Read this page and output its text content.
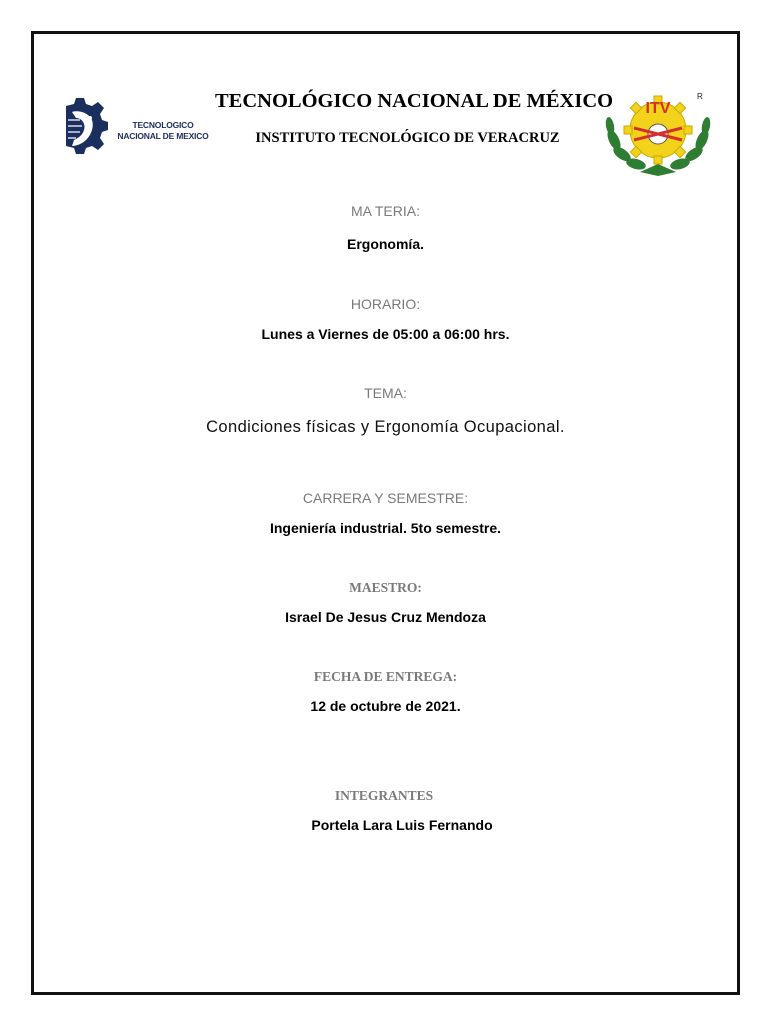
TECNOLOGICO
NACIONAL DE MEXICO
ITV
R
TECNOLÓGICO NACIONAL DE MÉXICO
INSTITUTO TECNOLÓGICO DE VERACRUZ
MA TERIA:
Ergonomía.
HORARIO:
Lunes a Viernes de 05:00 a 06:00 hrs.
TEMA:
Condiciones físicas y Ergonomía Ocupacional.
CARRERA Y SEMESTRE:
Ingeniería industrial. 5to semestre.
MAESTRO:
Israel De Jesus Cruz Mendoza
FECHA DE ENTREGA:
12 de octubre de 2021.
INTEGRANTES
Portela Lara Luis Fernando
